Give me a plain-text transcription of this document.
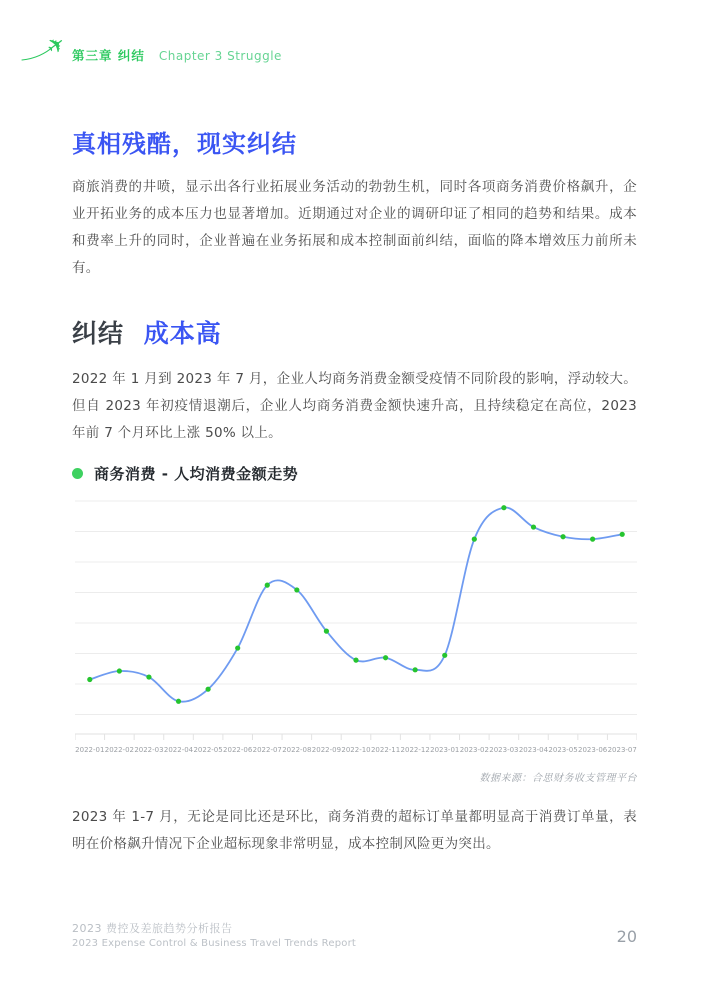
✈ 第三章 纠结 Chapter 3 Struggle
真相残酷，现实纠结

商旅消费的井喷，显示出各行业拓展业务活动的勃勃生机，同时各项商务消费价格飙升，企业开拓业务的成本压力也显著增加。近期通过对企业的调研印证了相同的趋势和结果。成本和费率上升的同时，企业普遍在业务拓展和成本控制面前纠结，面临的降本增效压力前所未有。

纠结 成本高

2022 年 1 月到 2023 年 7 月，企业人均商务消费金额受疫情不同阶段的影响，浮动较大。但自 2023 年初疫情退潮后，企业人均商务消费金额快速升高，且持续稳定在高位，2023 年前 7 个月环比上涨 50% 以上。

商务消费 - 人均消费金额走势
2022-01 2022-02 2022-03 2022-04 2022-05 2022-06 2022-07 2022-08 2022-09 2022-10 2022-11 2022-12 2023-01 2023-02 2023-03 2023-04 2023-05 2023-06 2023-07

数据来源：合思财务收支管理平台

2023 年 1-7 月，无论是同比还是环比，商务消费的超标订单量都明显高于消费订单量，表明在价格飙升情况下企业超标现象非常明显，成本控制风险更为突出。

2023 费控及差旅趋势分析报告
2023 Expense Control & Business Travel Trends Report	20
